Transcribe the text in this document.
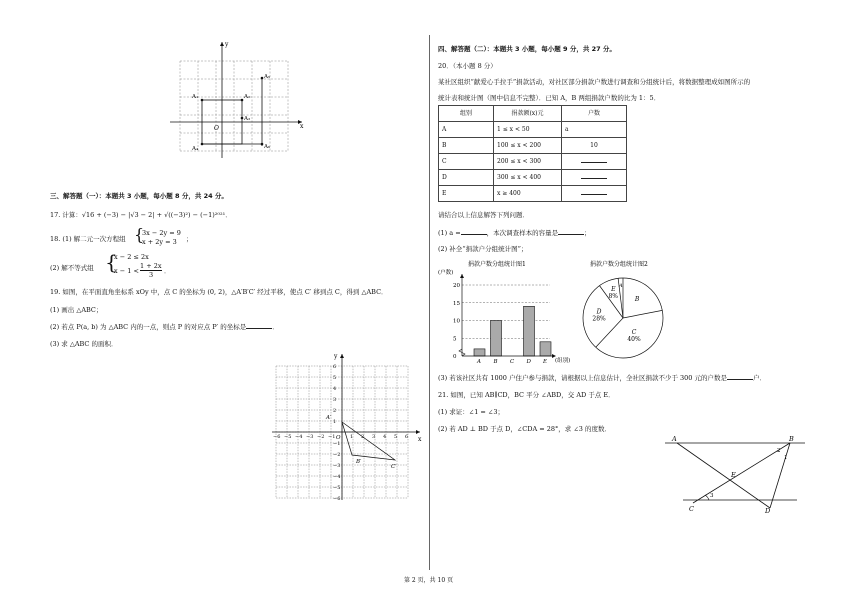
x
y
O
A₁	A₂
A₃
A₄
A₅
A₆
三、解答题（一）：本题共 3 小题，每小题 8 分，共 24 分。
17. 计算：√16 + (−3) − |√3 − 2| + √((−3)²) − (−1)²⁰²¹．
18. (1) 解二元一次方程组 {
3x − 2y = 9
x + 2y = 3 ；
(2) 解不等式组 {
x − 2 ≤ 2x
x − 1 <
1 + 2x
3 ．
19. 如图，在平面直角坐标系 xOy 中，点 C 的坐标为 (0, 2)，△A′B′C′ 经过平移，使点 C′ 移到点 C，得到 △ABC．
(1) 画出 △ABC；
(2) 若点 P(a, b) 为 △ABC 内的一点，则点 P 的对应点 P′ 的坐标是	．
(3) 求 △ABC 的面积．
−6 −5 −4 −3 −2 −1	1 2 3 4 5 6
6
5
4
3
2
1
−1
−2
−3
−4
−5
−6
x
y
O
A′
B′
C′
四、解答题（二）：本题共 3 小题，每小题 9 分，共 27 分。
20．（本小题 8 分）
某社区组织“献爱心手拉手”捐款活动，对社区部分捐款户数进行调查和分组统计后，将数据整理成如图所示的
统计表和统计图（图中信息不完整）．已知 A，B 两组捐款户数的比为 1：5．
组别	捐款额(x)元	户数
A	1 ≤ x < 50	a
B	100 ≤ x < 200	10
C	200 ≤ x < 300	
D	300 ≤ x < 400	
E	x ≥ 400	
请结合以上信息解答下列问题．
(1) a =	，本次调查样本的容量是	；
(2) 补全“捐款户分组统计图”；
捐款户数分组统计图1
(户数)
(组别)
0
5
10
15
20
A B C D E
捐款户数分组统计图2
A
B
C
40%
D
28%
E
8%
(3) 若该社区共有 1000 户住户参与捐款，请根据以上信息估计，全社区捐款不少于 300 元的户数是	户．
21. 如图，已知 AB∥CD，BC 平分 ∠ABD，交 AD 于点 E．
(1) 求证：∠1 = ∠3；
(2) 若 AD ⊥ BD 于点 D，∠CDA = 28°，求 ∠3 的度数．
A	B
C	D
E
1
2
3
第 2 页，共 10 页
